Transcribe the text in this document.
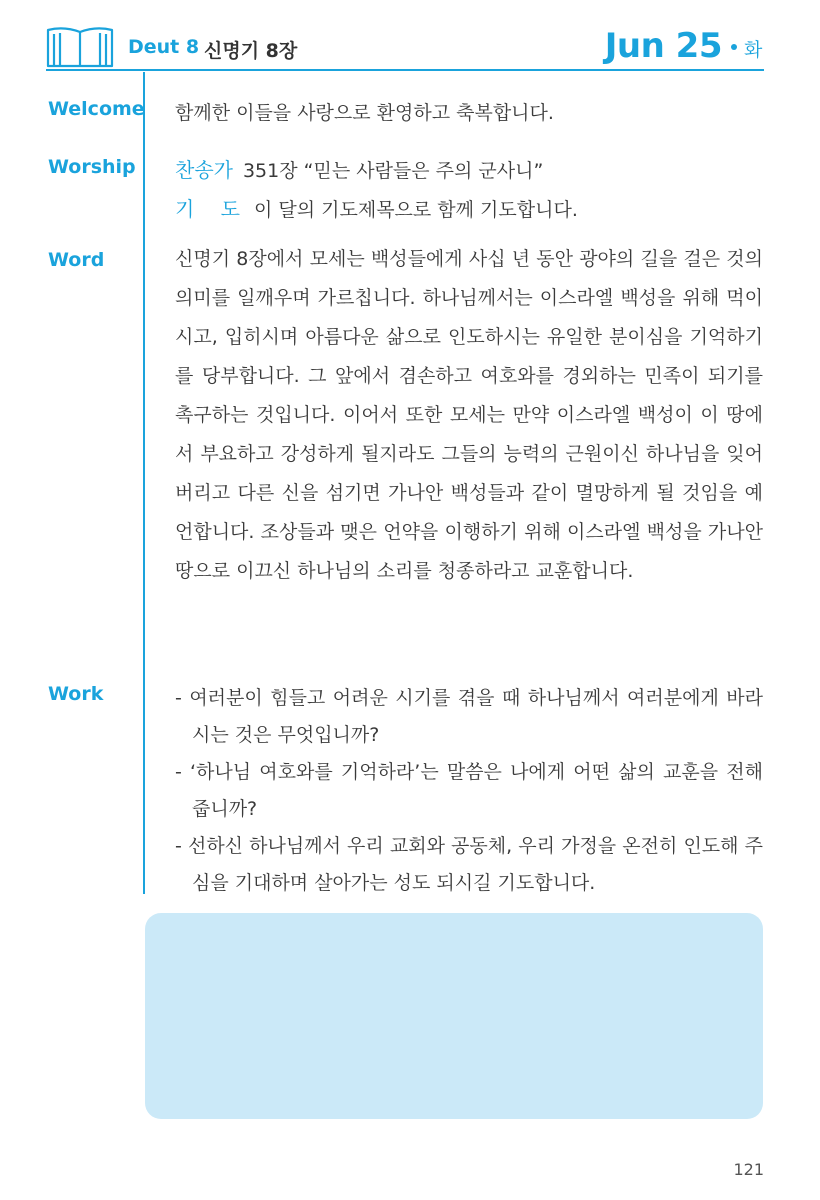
Deut 8 신명기 8장	Jun 25 화
Welcome 함께한 이들을 사랑으로 환영하고 축복합니다.
Worship 찬송가 351장 “믿는 사람들은 주의 군사니”
기 도 이 달의 기도제목으로 함께 기도합니다.
Word	신명기 8장에서 모세는 백성들에게 사십 년 동안 광야의 길을 걸은 것의 의미를 일깨우며 가르칩니다. 하나님께서는 이스라엘 백성을 위해 먹이시고, 입히시며 아름다운 삶으로 인도하시는 유일한 분이심을 기억하기를 당부합니다. 그 앞에서 겸손하고 여호와를 경외하는 민족이 되기를 촉구하는 것입니다. 이어서 또한 모세는 만약 이스라엘 백성이 이 땅에서 부요하고 강성하게 될지라도 그들의 능력의 근원이신 하나님을 잊어버리고 다른 신을 섬기면 가나안 백성들과 같이 멸망하게 될 것임을 예언합니다. 조상들과 맺은 언약을 이행하기 위해 이스라엘 백성을 가나안 땅으로 이끄신 하나님의 소리를 청종하라고 교훈합니다.
Work	- 여러분이 힘들고 어려운 시기를 겪을 때 하나님께서 여러분에게 바라시는 것은 무엇입니까?
- ‘하나님 여호와를 기억하라’는 말씀은 나에게 어떤 삶의 교훈을 전해 줍니까?
- 선하신 하나님께서 우리 교회와 공동체, 우리 가정을 온전히 인도해 주심을 기대하며 살아가는 성도 되시길 기도합니다.
121
